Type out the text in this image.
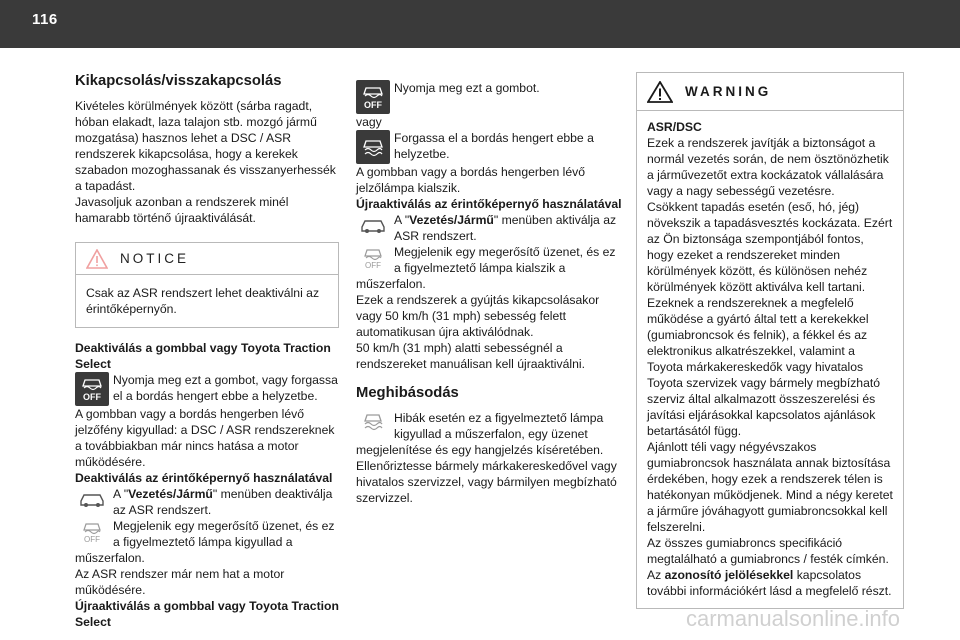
116
Kikapcsolás/visszakapcsolás

Kivételes körülmények között (sárba ragadt, hóban elakadt, laza talajon stb. mozgó jármű mozgatása) hasznos lehet a DSC / ASR rendszerek kikapcsolása, hogy a kerekek szabadon mozoghassanak és visszanyerhessék a tapadást.

Javasoljuk azonban a rendszerek minél hamarabb történő újraaktiválását.

NOTICE

Csak az ASR rendszert lehet deaktiválni az érintőképernyőn.

Deaktiválás a gombbal vagy Toyota Traction Select

OFF

Nyomja meg ezt a gombot, vagy forgassa el a bordás hengert ebbe a helyzetbe.

A gombban vagy a bordás hengerben lévő jelzőfény kigyullad: a DSC / ASR rendszereknek a továbbiakban már nincs hatása a motor működésére.

Deaktiválás az érintőképernyő használatával

A "Vezetés/Jármű" menüben deaktiválja az ASR rendszert.

OFF

Megjelenik egy megerősítő üzenet, és ez a figyelmeztető lámpa kigyullad a műszerfalon.

Az ASR rendszer már nem hat a motor működésére.

Újraaktiválás a gombbal vagy Toyota Traction Select

OFF

Nyomja meg ezt a gombot.

vagy

Forgassa el a bordás hengert ebbe a helyzetbe.

A gombban vagy a bordás hengerben lévő jelzőlámpa kialszik.

Újraaktiválás az érintőképernyő használatával

A "Vezetés/Jármű" menüben aktiválja az ASR rendszert.

OFF

Megjelenik egy megerősítő üzenet, és ez a figyelmeztető lámpa kialszik a műszerfalon.

Ezek a rendszerek a gyújtás kikapcsolásakor vagy 50 km/h (31 mph) sebesség felett automatikusan újra aktiválódnak.

50 km/h (31 mph) alatti sebességnél a rendszereket manuálisan kell újraaktiválni.

Meghibásodás

Hibák esetén ez a figyelmeztető lámpa kigyullad a műszerfalon, egy üzenet megjelenítése és egy hangjelzés kíséretében.

Ellenőriztesse bármely márkakereskedővel vagy hivatalos szervizzel, vagy bármilyen megbízható szervizzel.

WARNING

ASR/DSC

Ezek a rendszerek javítják a biztonságot a normál vezetés során, de nem ösztönözhetik a járművezetőt extra kockázatok vállalására vagy a nagy sebességű vezetésre.

Csökkent tapadás esetén (eső, hó, jég) növekszik a tapadásvesztés kockázata. Ezért az Ön biztonsága szempontjából fontos, hogy ezeket a rendszereket minden körülmények között, és különösen nehéz körülmények között aktiválva kell tartani.

Ezeknek a rendszereknek a megfelelő működése a gyártó által tett a kerekekkel (gumiabroncsok és felnik), a fékkel és az elektronikus alkatrészekkel, valamint a Toyota márkakereskedők vagy hivatalos Toyota szervizek vagy bármely megbízható szerviz által alkalmazott összeszerelési és javítási eljárásokkal kapcsolatos ajánlások betartásától függ.

Ajánlott téli vagy négyévszakos gumiabroncsok használata annak biztosítása érdekében, hogy ezek a rendszerek télen is hatékonyan működjenek. Mind a négy keretet a járműre jóváhagyott gumiabroncsokkal kell felszerelni.

Az összes gumiabroncs specifikáció megtalálható a gumiabroncs / festék címkén.

Az azonosító jelölésekkel kapcsolatos további információkért lásd a megfelelő részt.

carmanualsonline.info
